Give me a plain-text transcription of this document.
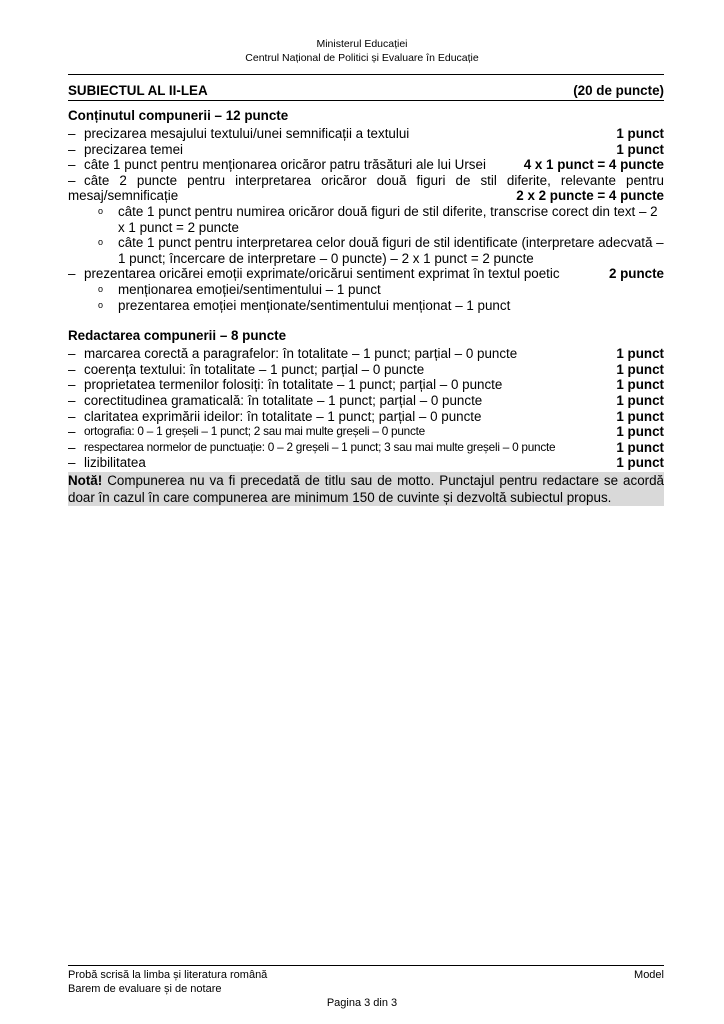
Ministerul Educației
Centrul Național de Politici și Evaluare în Educație
SUBIECTUL AL II-LEA	(20 de puncte)
Conținutul compunerii – 12 puncte
– precizarea mesajului textului/unei semnificații a textului	1 punct
– precizarea temei	1 punct
– câte 1 punct pentru menționarea oricăror patru trăsături ale lui Ursei	4 x 1 punct = 4 puncte
– câte 2 puncte pentru interpretarea oricăror două figuri de stil diferite, relevante pentru
mesaj/semnificație	2 x 2 puncte = 4 puncte
o	câte 1 punct pentru numirea oricăror două figuri de stil diferite, transcrise corect din text – 2 x 1 punct = 2 puncte
o	câte 1 punct pentru interpretarea celor două figuri de stil identificate (interpretare adecvată – 1 punct; încercare de interpretare – 0 puncte) – 2 x 1 punct = 2 puncte
– prezentarea oricărei emoții exprimate/oricărui sentiment exprimat în textul poetic	2 puncte
o	menționarea emoției/sentimentului – 1 punct
o	prezentarea emoției menționate/sentimentului menționat – 1 punct
Redactarea compunerii – 8 puncte
– marcarea corectă a paragrafelor: în totalitate – 1 punct; parțial – 0 puncte	1 punct
– coerența textului: în totalitate – 1 punct; parțial – 0 puncte	1 punct
– proprietatea termenilor folosiți: în totalitate – 1 punct; parțial – 0 puncte	1 punct
– corectitudinea gramaticală: în totalitate – 1 punct; parțial – 0 puncte	1 punct
– claritatea exprimării ideilor: în totalitate – 1 punct; parțial – 0 puncte	1 punct
– ortografia: 0 – 1 greșeli – 1 punct; 2 sau mai multe greșeli – 0 puncte	1 punct
– respectarea normelor de punctuație: 0 – 2 greșeli – 1 punct; 3 sau mai multe greșeli – 0 puncte	1 punct
– lizibilitatea	1 punct
Notă! Compunerea nu va fi precedată de titlu sau de motto. Punctajul pentru redactare se acordă doar în cazul în care compunerea are minimum 150 de cuvinte și dezvoltă subiectul propus.
Probă scrisă la limba și literatura română	Model
Barem de evaluare și de notare
Pagina 3 din 3
